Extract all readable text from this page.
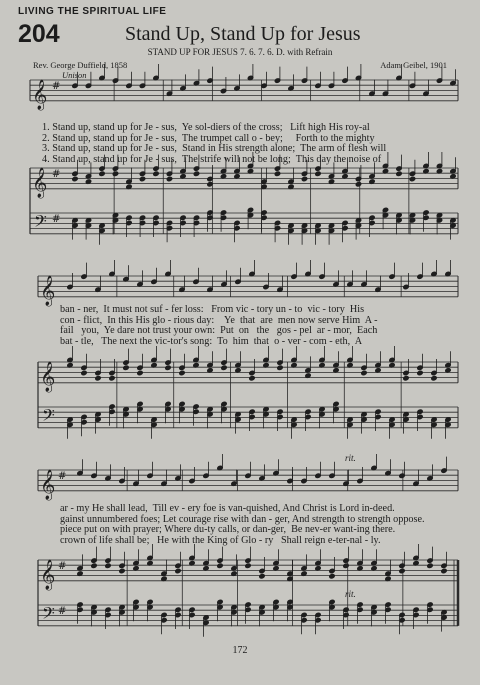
LIVING THE SPIRITUAL LIFE
204	Stand Up, Stand Up for Jesus
STAND UP FOR JESUS 7. 6. 7. 6. D. with Refrain
Rev. George Duffield, 1858	Adam Geibel, 1901
Unison
𝄞 #
𝄞 #
𝄢 #
𝄞
𝄞
𝄢
𝄞 #
𝄞 #
𝄢 #
1. Stand up, stand up for Je - sus,  Ye sol-diers of the cross;   Lift high His roy-al
2. Stand up, stand up for Je - sus,  The trumpet call o - bey;     Forth to the mighty
3. Stand up, stand up for Je - sus,  Stand in His strength alone;  The arm of flesh will
4. Stand up, stand up for Je - sus,  The strife will not be long;  This day the noise of
ban - ner,  It must not suf - fer loss:   From vic - tory un - to  vic - tory  His
con - flict,  In this His glo - rious day:    Ye  that  are  men now serve Him  A -
fail   you,  Ye dare not trust your own:  Put  on   the   gos - pel  ar - mor,  Each
bat - tle,   The next the vic-tor's song:  To  him  that  o - ver - com - eth,  A
ar - my He shall lead,  Till ev - ery foe is van-quished, And Christ is Lord in-deed.
gainst unnumbered foes; Let courage rise with dan - ger, And strength to strength oppose.
piece put on with prayer; Where du-ty calls, or dan-ger,  Be nev-er want-ing there.
crown of life shall be;   He with the King of Glo - ry   Shall reign e-ter-nal - ly.
rit.
rit.
172
